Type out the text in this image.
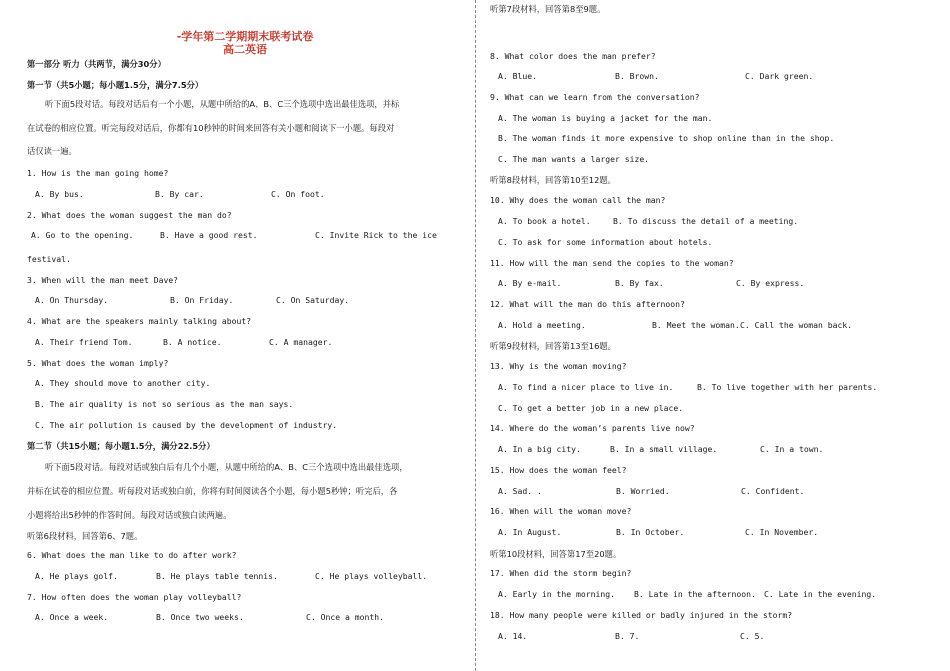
-学年第二学期期末联考试卷
高二英语
第一部分 听力（共两节，满分30分）
第一节（共5小题；每小题1.5分，满分7.5分）
听下面5段对话。每段对话后有一个小题，从题中所给的A、B、C三个选项中选出最佳选项，并标
在试卷的相应位置。听完每段对话后，你都有10秒钟的时间来回答有关小题和阅读下一小题。每段对
话仅读一遍。
1. How is the man going home?
A. By bus.	B. By car.	C. On foot.
2. What does the woman suggest the man do?
A. Go to the opening.	B. Have a good rest.	C. Invite Rick to the ice
festival.
3. When will the man meet Dave?
A. On Thursday.	B. On Friday.	C. On Saturday.
4. What are the speakers mainly talking about?
A. Their friend Tom.	B. A notice.	C. A manager.
5. What does the woman imply?
A. They should move to another city.
B. The air quality is not so serious as the man says.
C. The air pollution is caused by the development of industry.
第二节（共15小题；每小题1.5分，满分22.5分）
听下面5段对话。每段对话或独白后有几个小题，从题中所给的A、B、C三个选项中选出最佳选项，
并标在试卷的相应位置。听每段对话或独白前，你将有时间阅读各个小题，每小题5秒钟；听完后，各
小题将给出5秒钟的作答时间。每段对话或独白读两遍。
听第6段材料，回答第6、7题。
6. What does the man like to do after work?
A. He plays golf.	B. He plays table tennis.	C. He plays volleyball.
7. How often does the woman play volleyball?
A. Once a week.	B. Once two weeks.	C. Once a month.
听第7段材料，回答第8至9题。
8. What color does the man prefer?
A. Blue.	B. Brown.	C. Dark green.
9. What can we learn from the conversation?
A. The woman is buying a jacket for the man.
B. The woman finds it more expensive to shop online than in the shop.
C. The man wants a larger size.
听第8段材料，回答第10至12题。
10. Why does the woman call the man?
A. To book a hotel.	B. To discuss the detail of a meeting.
C. To ask for some information about hotels.
11. How will the man send the copies to the woman?
A. By e-mail.	B. By fax.	C. By express.
12. What will the man do this afternoon?
A. Hold a meeting.	B. Meet the woman.C. Call the woman back.
听第9段材料，回答第13至16题。
13. Why is the woman moving?
A. To find a nicer place to live in.	B. To live together with her parents.
C. To get a better job in a new place.
14. Where do the woman’s parents live now?
A. In a big city.	B. In a small village.	C. In a town.
15. How does the woman feel?
A. Sad. .	B. Worried.	C. Confident.
16. When will the woman move?
A. In August.	B. In October.	C. In November.
听第10段材料，回答第17至20题。
17. When did the storm begin?
A. Early in the morning. B. Late in the afternoon. C. Late in the evening.
18. How many people were killed or badly injured in the storm?
A. 14.	B. 7.	C. 5.
